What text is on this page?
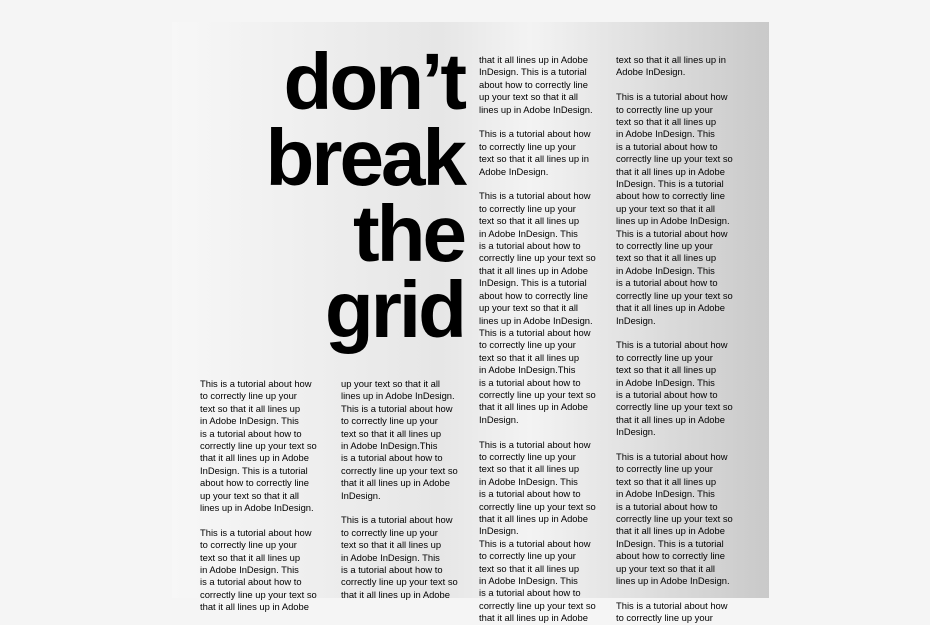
don’t
break
the
grid

This is a tutorial about how
to correctly line up your
text so that it all lines up
in Adobe InDesign. This
is a tutorial about how to
correctly line up your text so
that it all lines up in Adobe
InDesign. This is a tutorial
about how to correctly line
up your text so that it all
lines up in Adobe InDesign.

This is a tutorial about how
to correctly line up your
text so that it all lines up
in Adobe InDesign. This
is a tutorial about how to
correctly line up your text so
that it all lines up in Adobe

up your text so that it all
lines up in Adobe InDesign.
This is a tutorial about how
to correctly line up your
text so that it all lines up
in Adobe InDesign.This
is a tutorial about how to
correctly line up your text so
that it all lines up in Adobe
InDesign.

This is a tutorial about how
to correctly line up your
text so that it all lines up
in Adobe InDesign. This
is a tutorial about how to
correctly line up your text so
that it all lines up in Adobe

that it all lines up in Adobe
InDesign. This is a tutorial
about how to correctly line
up your text so that it all
lines up in Adobe InDesign.

This is a tutorial about how
to correctly line up your
text so that it all lines up in
Adobe InDesign.

This is a tutorial about how
to correctly line up your
text so that it all lines up
in Adobe InDesign. This
is a tutorial about how to
correctly line up your text so
that it all lines up in Adobe
InDesign. This is a tutorial
about how to correctly line
up your text so that it all
lines up in Adobe InDesign.
This is a tutorial about how
to correctly line up your
text so that it all lines up
in Adobe InDesign.This
is a tutorial about how to
correctly line up your text so
that it all lines up in Adobe
InDesign.

This is a tutorial about how
to correctly line up your
text so that it all lines up
in Adobe InDesign. This
is a tutorial about how to
correctly line up your text so
that it all lines up in Adobe
InDesign.
This is a tutorial about how
to correctly line up your
text so that it all lines up
in Adobe InDesign. This
is a tutorial about how to
correctly line up your text so
that it all lines up in Adobe

text so that it all lines up in
Adobe InDesign.

This is a tutorial about how
to correctly line up your
text so that it all lines up
in Adobe InDesign. This
is a tutorial about how to
correctly line up your text so
that it all lines up in Adobe
InDesign. This is a tutorial
about how to correctly line
up your text so that it all
lines up in Adobe InDesign.
This is a tutorial about how
to correctly line up your
text so that it all lines up
in Adobe InDesign. This
is a tutorial about how to
correctly line up your text so
that it all lines up in Adobe
InDesign.

This is a tutorial about how
to correctly line up your
text so that it all lines up
in Adobe InDesign. This
is a tutorial about how to
correctly line up your text so
that it all lines up in Adobe
InDesign.

This is a tutorial about how
to correctly line up your
text so that it all lines up
in Adobe InDesign. This
is a tutorial about how to
correctly line up your text so
that it all lines up in Adobe
InDesign. This is a tutorial
about how to correctly line
up your text so that it all
lines up in Adobe InDesign.

This is a tutorial about how
to correctly line up your
